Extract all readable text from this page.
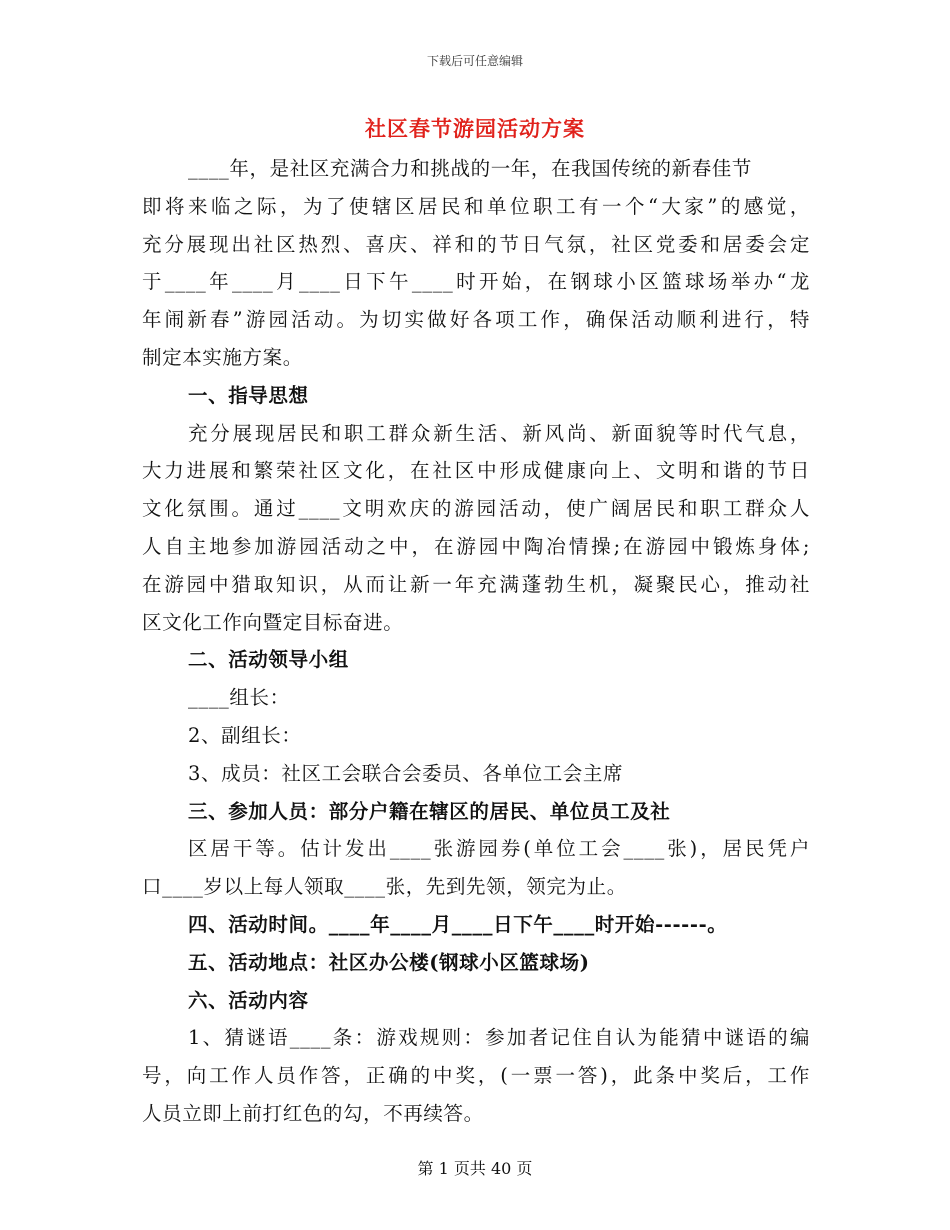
下载后可任意编辑
社区春节游园活动方案
____年，是社区充满合力和挑战的一年，在我国传统的新春佳节
即将来临之际，为了使辖区居民和单位职工有一个“大家”的感觉，
充分展现出社区热烈、喜庆、祥和的节日气氛，社区党委和居委会定
于____年____月____日下午____时开始，在钢球小区篮球场举办“龙
年闹新春”游园活动。为切实做好各项工作，确保活动顺利进行，特
制定本实施方案。
一、指导思想
充分展现居民和职工群众新生活、新风尚、新面貌等时代气息，
大力进展和繁荣社区文化，在社区中形成健康向上、文明和谐的节日
文化氛围。通过____文明欢庆的游园活动，使广阔居民和职工群众人
人自主地参加游园活动之中，在游园中陶冶情操;在游园中锻炼身体;
在游园中猎取知识，从而让新一年充满蓬勃生机，凝聚民心，推动社
区文化工作向暨定目标奋进。
二、活动领导小组
____组长：
2、副组长：
3、成员：社区工会联合会委员、各单位工会主席
三、参加人员：部分户籍在辖区的居民、单位员工及社
区居干等。估计发出____张游园券(单位工会____张)，居民凭户
口____岁以上每人领取____张，先到先领，领完为止。
四、活动时间。____年____月____日下午____时开始------。
五、活动地点：社区办公楼(钢球小区篮球场)
六、活动内容
1、猜谜语____条：游戏规则：参加者记住自认为能猜中谜语的编
号，向工作人员作答，正确的中奖，(一票一答)，此条中奖后，工作
人员立即上前打红色的勾，不再续答。
第 1 页共 40 页
